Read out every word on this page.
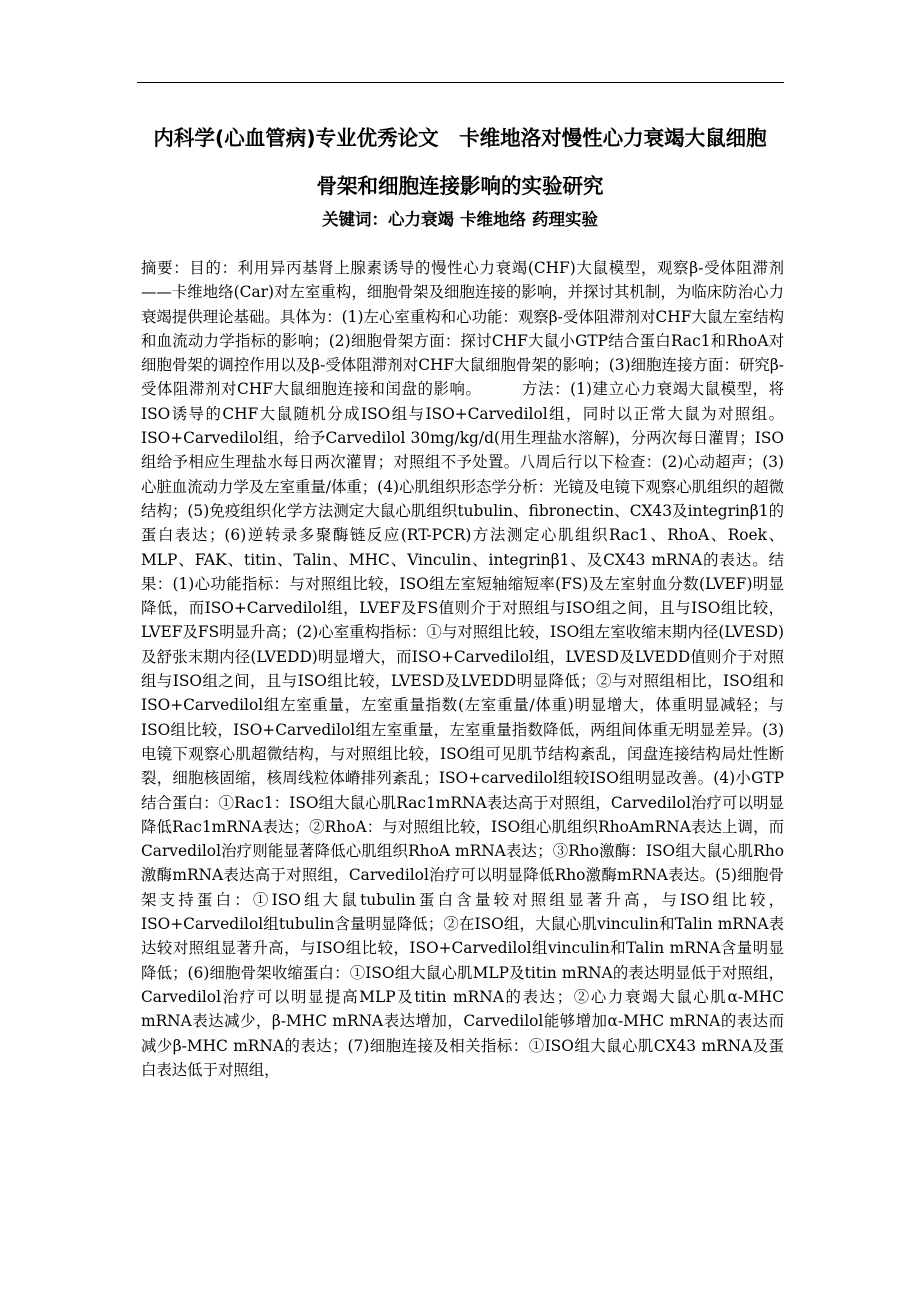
内科学(心血管病)专业优秀论文　卡维地洛对慢性心力衰竭大鼠细胞
骨架和细胞连接影响的实验研究

关键词：心力衰竭 卡维地络 药理实验

摘要：目的：利用异丙基肾上腺素诱导的慢性心力衰竭(CHF)大鼠模型，观察β-受体阻滞剂——卡维地络(Car)对左室重构，细胞骨架及细胞连接的影响，并探讨其机制，为临床防治心力衰竭提供理论基础。具体为：(1)左心室重构和心功能：观察β-受体阻滞剂对CHF大鼠左室结构和血流动力学指标的影响；(2)细胞骨架方面：探讨CHF大鼠小GTP结合蛋白Rac1和RhoA对细胞骨架的调控作用以及β-受体阻滞剂对CHF大鼠细胞骨架的影响；(3)细胞连接方面：研究β-受体阻滞剂对CHF大鼠细胞连接和闰盘的影响。	方法：(1)建立心力衰竭大鼠模型，将ISO诱导的CHF大鼠随机分成ISO组与ISO+Carvedilol组，同时以正常大鼠为对照组。ISO+Carvedilol组，给予Carvedilol 30mg/kg/d(用生理盐水溶解)，分两次每日灌胃；ISO组给予相应生理盐水每日两次灌胃；对照组不予处置。八周后行以下检查：(2)心动超声；(3)心脏血流动力学及左室重量/体重；(4)心肌组织形态学分析：光镜及电镜下观察心肌组织的超微结构；(5)免疫组织化学方法测定大鼠心肌组织tubulin、fibronectin、CX43及integrinβ1的蛋白表达；(6)逆转录多聚酶链反应(RT-PCR)方法测定心肌组织Rac1、RhoA、Roek、MLP、FAK、titin、Talin、MHC、Vinculin、integrinβ1、及CX43 mRNA的表达。结果：(1)心功能指标：与对照组比较，ISO组左室短轴缩短率(FS)及左室射血分数(LVEF)明显降低，而ISO+Carvedilol组，LVEF及FS值则介于对照组与ISO组之间，且与ISO组比较，LVEF及FS明显升高；(2)心室重构指标：①与对照组比较，ISO组左室收缩末期内径(LVESD)及舒张末期内径(LVEDD)明显增大，而ISO+Carvedilol组，LVESD及LVEDD值则介于对照组与ISO组之间，且与ISO组比较，LVESD及LVEDD明显降低；②与对照组相比，ISO组和ISO+Carvedilol组左室重量，左室重量指数(左室重量/体重)明显增大，体重明显减轻；与ISO组比较，ISO+Carvedilol组左室重量，左室重量指数降低，两组间体重无明显差异。(3)电镜下观察心肌超微结构，与对照组比较，ISO组可见肌节结构紊乱，闰盘连接结构局灶性断裂，细胞核固缩，核周线粒体嵴排列紊乱；ISO+carvedilol组较ISO组明显改善。(4)小GTP结合蛋白：①Rac1：ISO组大鼠心肌Rac1mRNA表达高于对照组，Carvedilol治疗可以明显降低Rac1mRNA表达；②RhoA：与对照组比较，ISO组心肌组织RhoAmRNA表达上调，而Carvedilol治疗则能显著降低心肌组织RhoA mRNA表达；③Rho激酶：ISO组大鼠心肌Rho激酶mRNA表达高于对照组，Carvedilol治疗可以明显降低Rho激酶mRNA表达。(5)细胞骨架支持蛋白：①ISO组大鼠tubulin蛋白含量较对照组显著升高，与ISO组比较，ISO+Carvedilol组tubulin含量明显降低；②在ISO组，大鼠心肌vinculin和Talin mRNA表达较对照组显著升高，与ISO组比较，ISO+Carvedilol组vinculin和Talin mRNA含量明显降低；(6)细胞骨架收缩蛋白：①ISO组大鼠心肌MLP及titin mRNA的表达明显低于对照组，Carvedilol治疗可以明显提高MLP及titin mRNA的表达；②心力衰竭大鼠心肌α-MHC mRNA表达减少，β-MHC mRNA表达增加，Carvedilol能够增加α-MHC mRNA的表达而减少β-MHC mRNA的表达；(7)细胞连接及相关指标：①ISO组大鼠心肌CX43 mRNA及蛋白表达低于对照组，
